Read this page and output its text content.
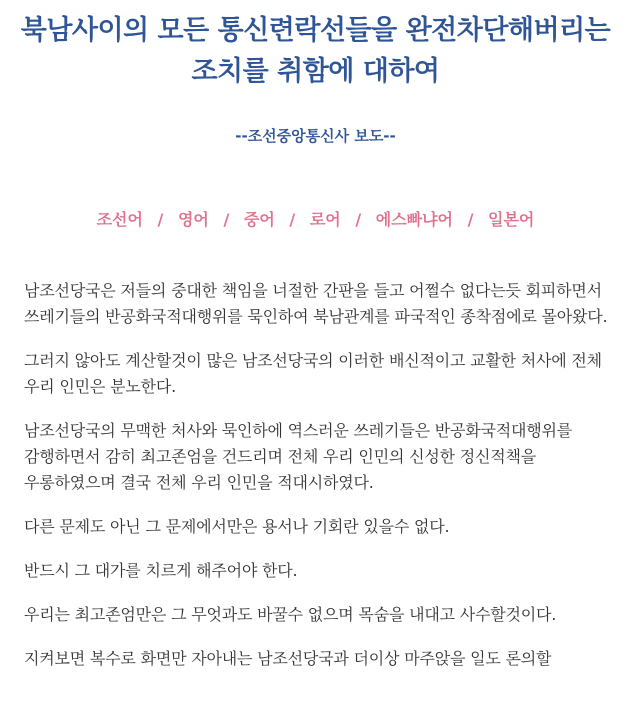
북남사이의 모든 통신련락선들을 완전차단해버리는 조치를 취함에 대하여
--조선중앙통신사 보도--
조선어 / 영어 / 중어 / 로어 / 에스빠냐어 / 일본어

남조선당국은 저들의 중대한 책임을 너절한 간판을 들고 어쩔수 없다는듯 회피하면서 쓰레기들의 반공화국적대행위를 묵인하여 북남관계를 파국적인 종착점에로 몰아왔다.

그러지 않아도 계산할것이 많은 남조선당국의 이러한 배신적이고 교활한 처사에 전체 우리 인민은 분노한다.

남조선당국의 무맥한 처사와 묵인하에 역스러운 쓰레기들은 반공화국적대행위를 감행하면서 감히 최고존엄을 건드리며 전체 우리 인민의 신성한 정신적책을 우롱하였으며 결국 전체 우리 인민을 적대시하였다.

다른 문제도 아닌 그 문제에서만은 용서나 기회란 있을수 없다.

반드시 그 대가를 치르게 해주어야 한다.

우리는 최고존엄만은 그 무엇과도 바꿀수 없으며 목숨을 내대고 사수할것이다.

지켜보면 복수로 화면만 자아내는 남조선당국과 더이상 마주앉을 일도 론의할
